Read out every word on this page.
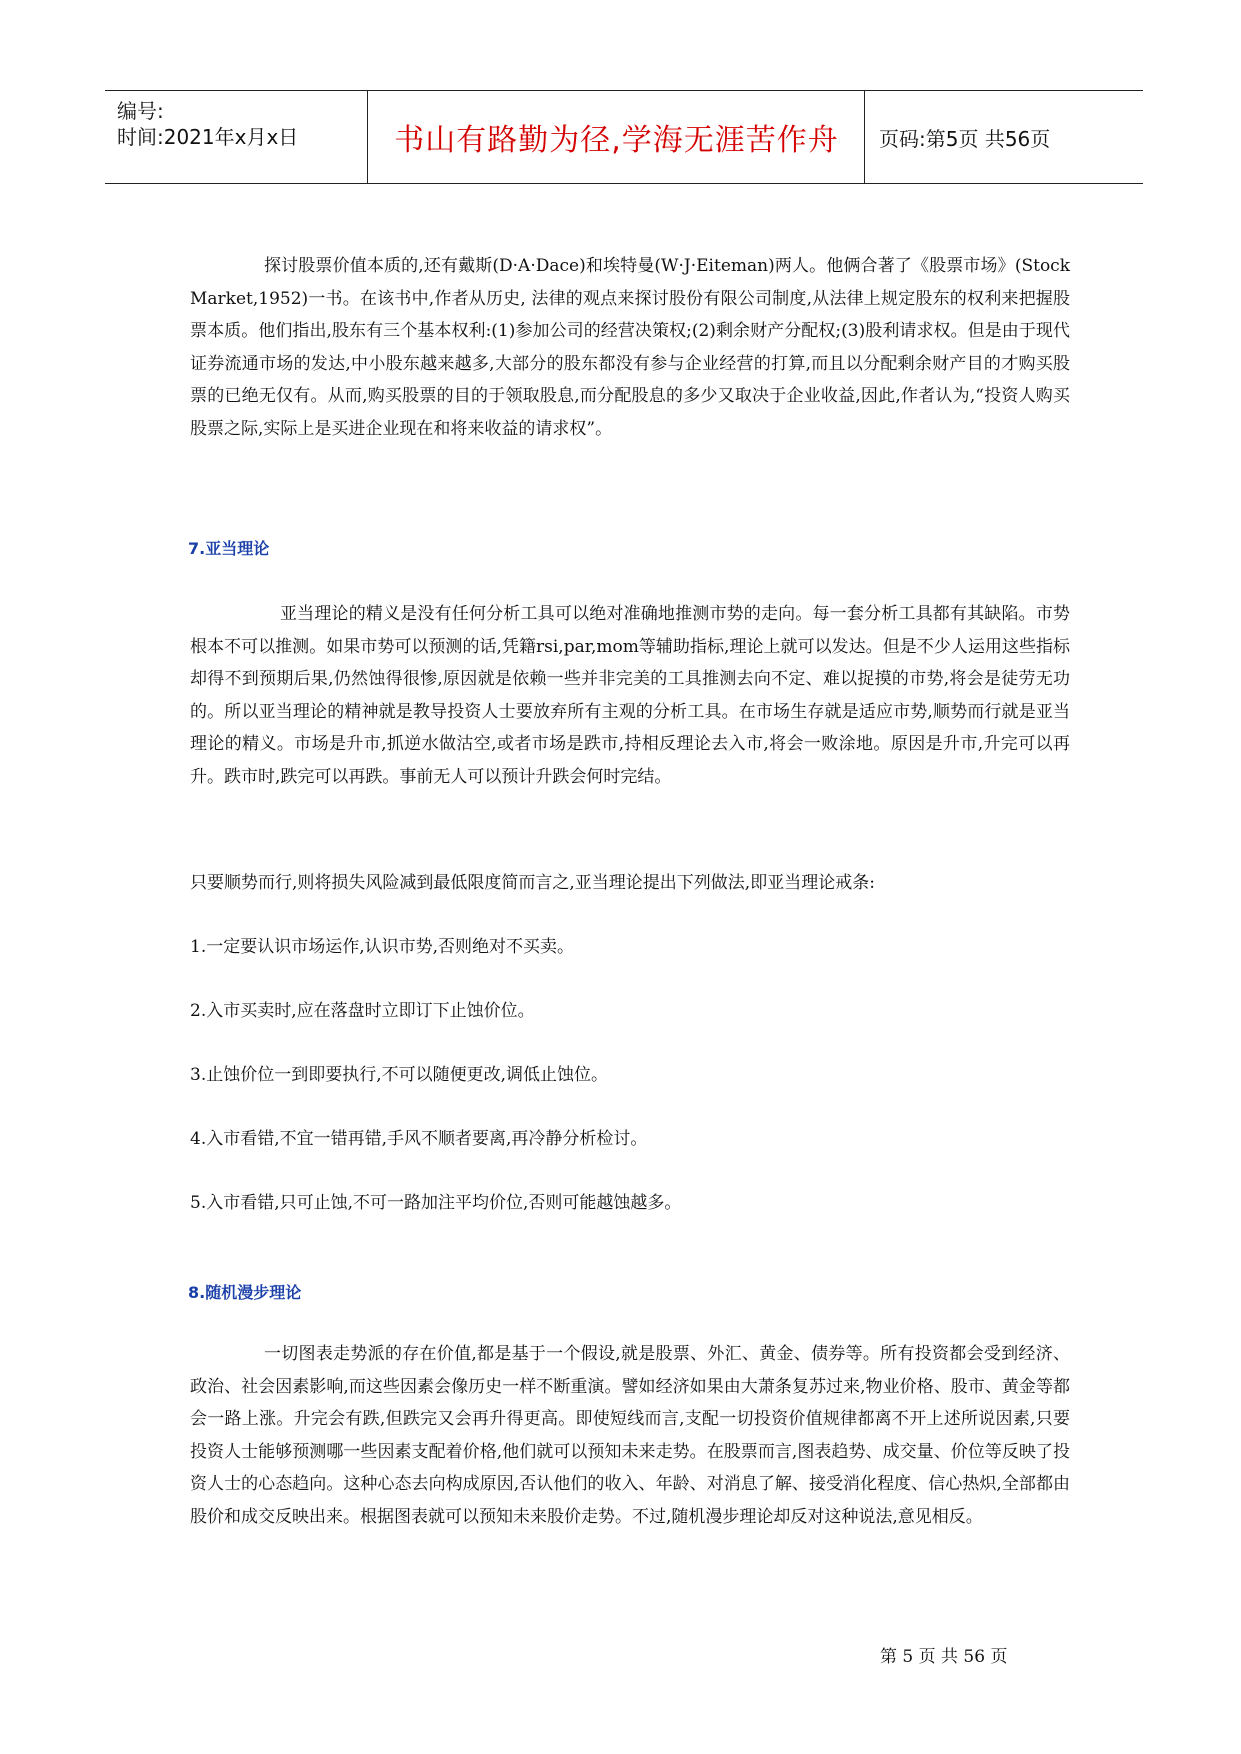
编号:
时间:2021年x月x日	书山有路勤为径,学海无涯苦作舟	页码:第5页 共56页

探讨股票价值本质的,还有戴斯(D·A·Dace)和埃特曼(W·J·Eiteman)两人。他俩合著了《股票市场》(Stock Market,1952)一书。在该书中,作者从历史, 法律的观点来探讨股份有限公司制度,从法律上规定股东的权利来把握股票本质。他们指出,股东有三个基本权利:(1)参加公司的经营决策权;(2)剩余财产分配权;(3)股利请求权。但是由于现代证券流通市场的发达,中小股东越来越多,大部分的股东都没有参与企业经营的打算,而且以分配剩余财产目的才购买股票的已绝无仅有。从而,购买股票的目的于领取股息,而分配股息的多少又取决于企业收益,因此,作者认为,“投资人购买股票之际,实际上是买进企业现在和将来收益的请求权”。

7.亚当理论

亚当理论的精义是没有任何分析工具可以绝对准确地推测市势的走向。每一套分析工具都有其缺陷。市势根本不可以推测。如果市势可以预测的话,凭籍rsi,par,mom等辅助指标,理论上就可以发达。但是不少人运用这些指标却得不到预期后果,仍然蚀得很惨,原因就是依赖一些并非完美的工具推测去向不定、难以捉摸的市势,将会是徒劳无功的。所以亚当理论的精神就是教导投资人士要放弃所有主观的分析工具。在市场生存就是适应市势,顺势而行就是亚当理论的精义。市场是升市,抓逆水做沽空,或者市场是跌市,持相反理论去入市,将会一败涂地。原因是升市,升完可以再升。跌市时,跌完可以再跌。事前无人可以预计升跌会何时完结。

只要顺势而行,则将损失风险减到最低限度简而言之,亚当理论提出下列做法,即亚当理论戒条:
1.一定要认识市场运作,认识市势,否则绝对不买卖。
2.入市买卖时,应在落盘时立即订下止蚀价位。
3.止蚀价位一到即要执行,不可以随便更改,调低止蚀位。
4.入市看错,不宜一错再错,手风不顺者要离,再冷静分析检讨。
5.入市看错,只可止蚀,不可一路加注平均价位,否则可能越蚀越多。
8.随机漫步理论

一切图表走势派的存在价值,都是基于一个假设,就是股票、外汇、黄金、债券等。所有投资都会受到经济、政治、社会因素影响,而这些因素会像历史一样不断重演。譬如经济如果由大萧条复苏过来,物业价格、股市、黄金等都会一路上涨。升完会有跌,但跌完又会再升得更高。即使短线而言,支配一切投资价值规律都离不开上述所说因素,只要投资人士能够预测哪一些因素支配着价格,他们就可以预知未来走势。在股票而言,图表趋势、成交量、价位等反映了投资人士的心态趋向。这种心态去向构成原因,否认他们的收入、年龄、对消息了解、接受消化程度、信心热炽,全部都由股价和成交反映出来。根据图表就可以预知未来股价走势。不过,随机漫步理论却反对这种说法,意见相反。

第 5 页 共 56 页
